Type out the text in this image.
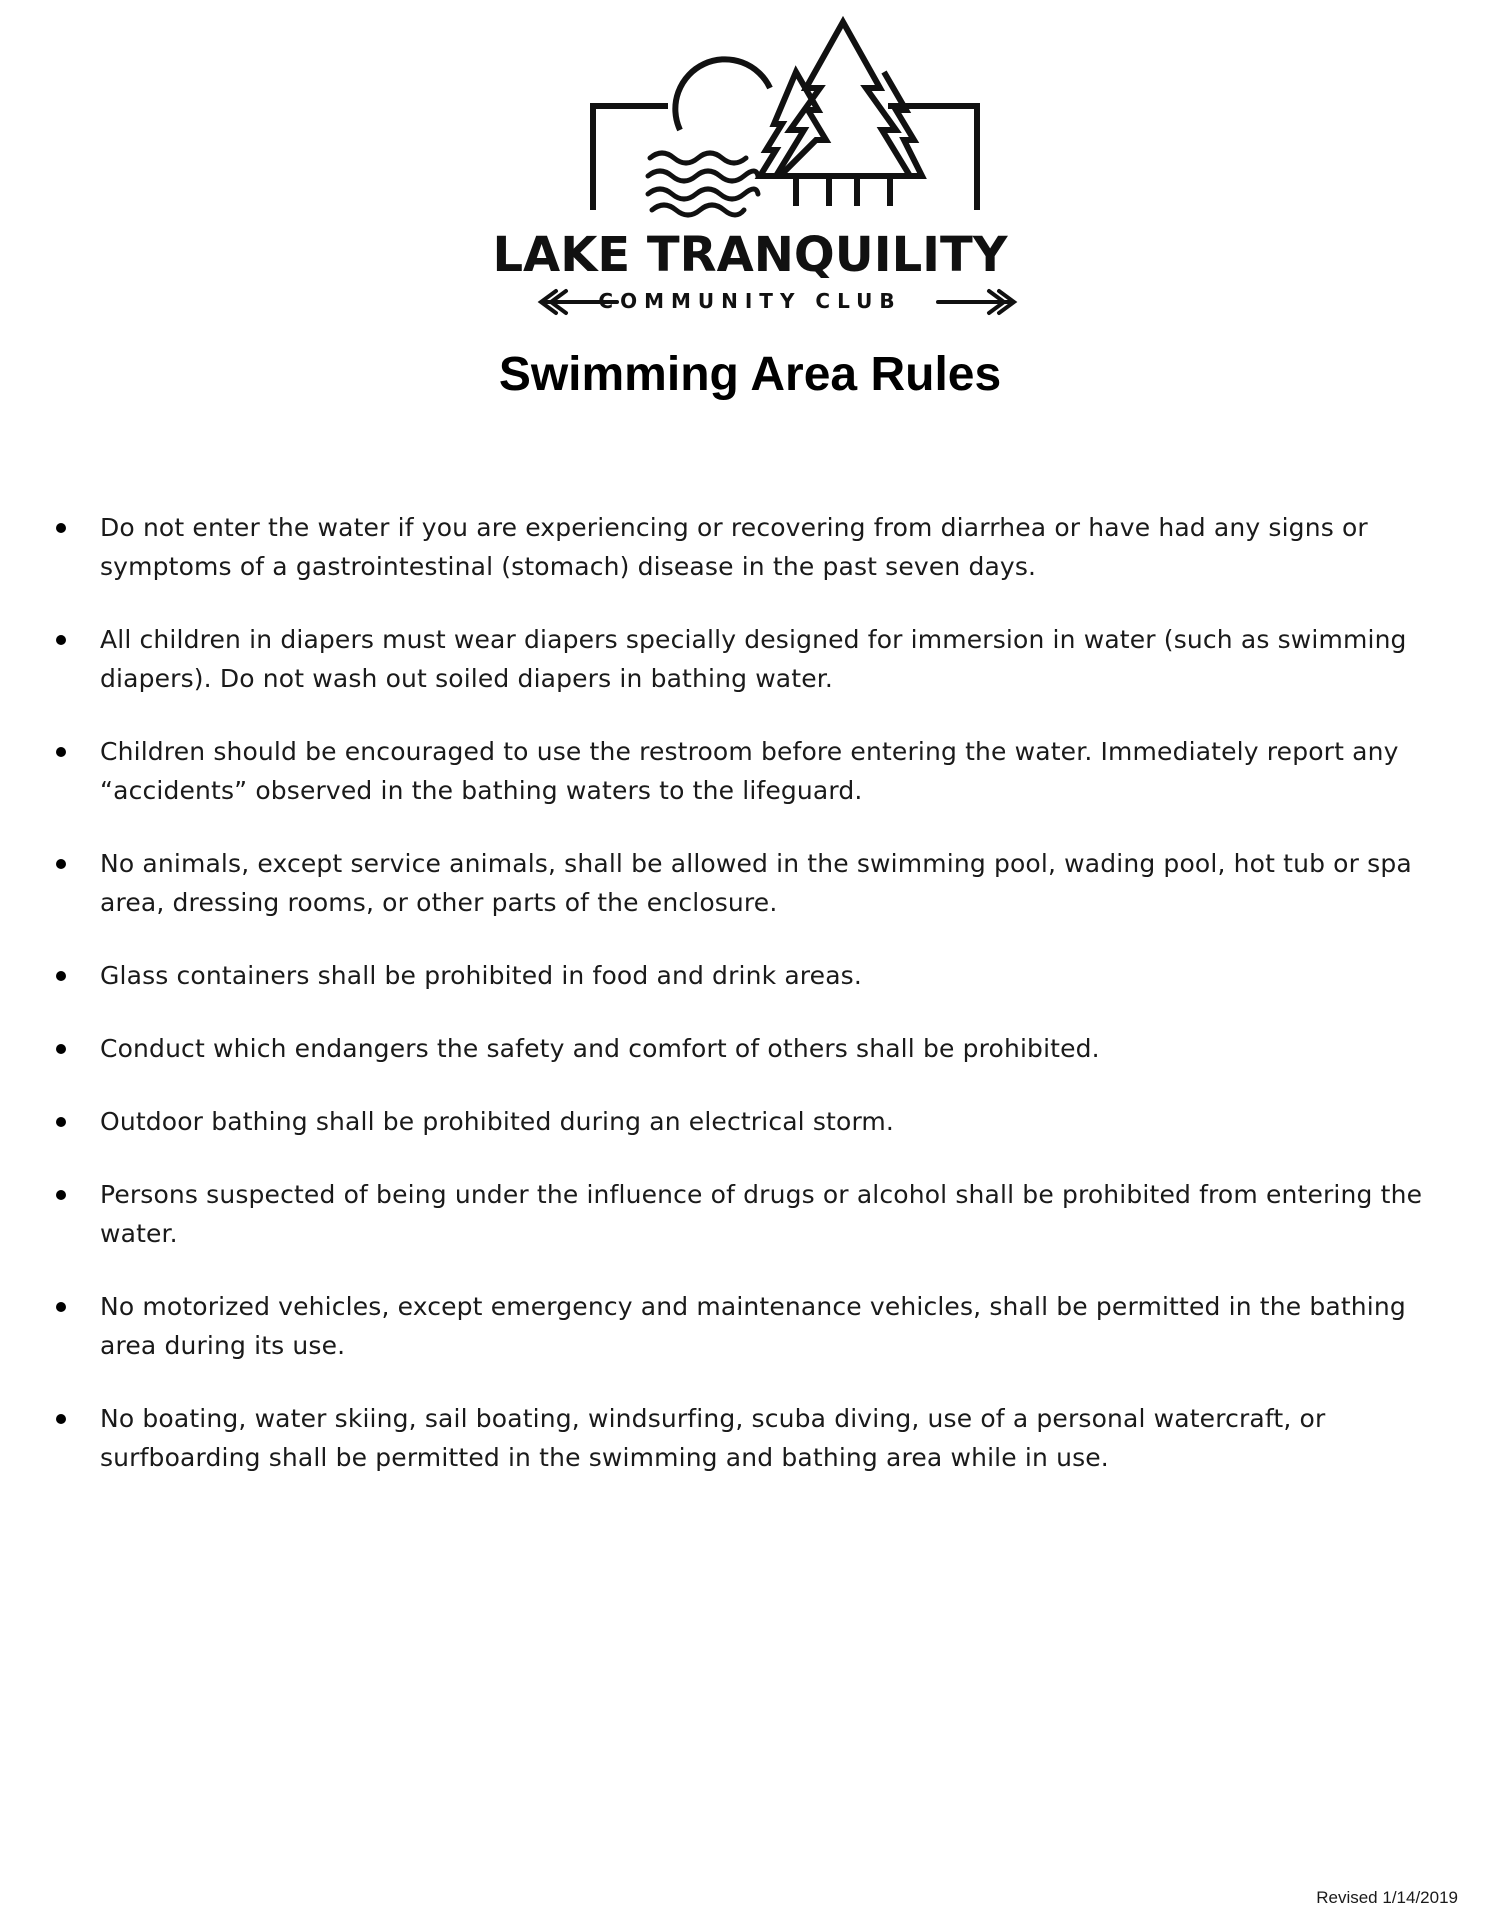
LAKE TRANQUILITY
COMMUNITY CLUB
Swimming Area Rules
Do not enter the water if you are experiencing or recovering from diarrhea or have had any signs or symptoms of a gastrointestinal (stomach) disease in the past seven days.
All children in diapers must wear diapers specially designed for immersion in water (such as swimming diapers). Do not wash out soiled diapers in bathing water.
Children should be encouraged to use the restroom before entering the water. Immediately report any “accidents” observed in the bathing waters to the lifeguard.
No animals, except service animals, shall be allowed in the swimming pool, wading pool, hot tub or spa area, dressing rooms, or other parts of the enclosure.
Glass containers shall be prohibited in food and drink areas.
Conduct which endangers the safety and comfort of others shall be prohibited.
Outdoor bathing shall be prohibited during an electrical storm.
Persons suspected of being under the influence of drugs or alcohol shall be prohibited from entering the water.
No motorized vehicles, except emergency and maintenance vehicles, shall be permitted in the bathing area during its use.
No boating, water skiing, sail boating, windsurfing, scuba diving, use of a personal watercraft, or surfboarding shall be permitted in the swimming and bathing area while in use.
Revised 1/14/2019
